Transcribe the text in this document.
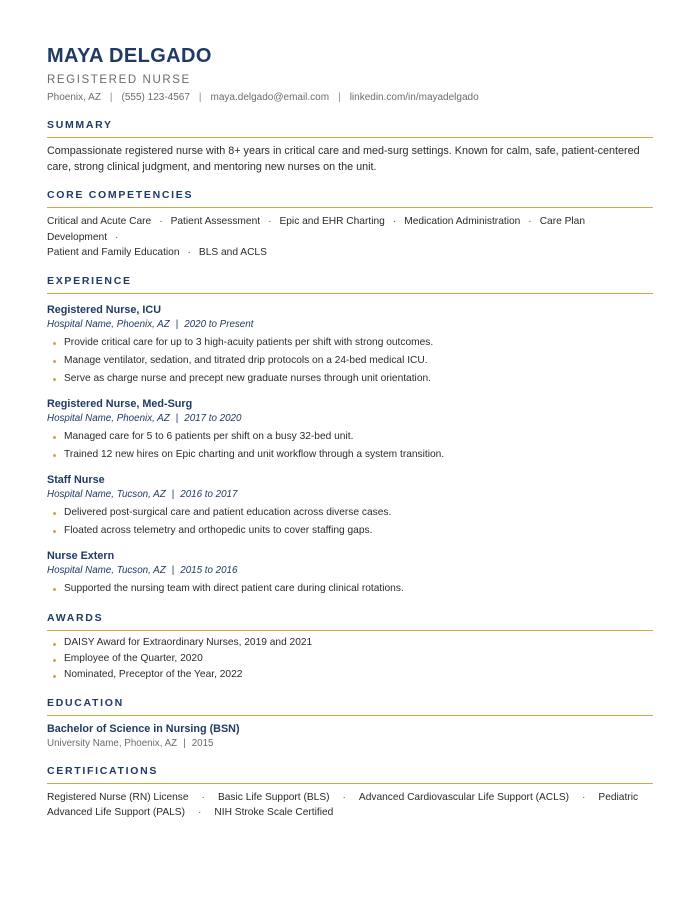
MAYA DELGADO
REGISTERED NURSE
Phoenix, AZ | (555) 123-4567 | maya.delgado@email.com | linkedin.com/in/mayadelgado
SUMMARY
Compassionate registered nurse with 8+ years in critical care and med-surg settings. Known for calm, safe, patient-centered care, strong clinical judgment, and mentoring new nurses on the unit.
CORE COMPETENCIES
Critical and Acute Care · Patient Assessment · Epic and EHR Charting · Medication Administration · Care Plan Development ·
Patient and Family Education · BLS and ACLS
EXPERIENCE
Registered Nurse, ICU
Hospital Name, Phoenix, AZ | 2020 to Present
Provide critical care for up to 3 high-acuity patients per shift with strong outcomes.
Manage ventilator, sedation, and titrated drip protocols on a 24-bed medical ICU.
Serve as charge nurse and precept new graduate nurses through unit orientation.
Registered Nurse, Med-Surg
Hospital Name, Phoenix, AZ | 2017 to 2020
Managed care for 5 to 6 patients per shift on a busy 32-bed unit.
Trained 12 new hires on Epic charting and unit workflow through a system transition.
Staff Nurse
Hospital Name, Tucson, AZ | 2016 to 2017
Delivered post-surgical care and patient education across diverse cases.
Floated across telemetry and orthopedic units to cover staffing gaps.
Nurse Extern
Hospital Name, Tucson, AZ | 2015 to 2016
Supported the nursing team with direct patient care during clinical rotations.
AWARDS
DAISY Award for Extraordinary Nurses, 2019 and 2021
Employee of the Quarter, 2020
Nominated, Preceptor of the Year, 2022
EDUCATION
Bachelor of Science in Nursing (BSN)
University Name, Phoenix, AZ | 2015
CERTIFICATIONS
Registered Nurse (RN) License · Basic Life Support (BLS) · Advanced Cardiovascular Life Support (ACLS) · Pediatric Advanced Life Support (PALS) · NIH Stroke Scale Certified
